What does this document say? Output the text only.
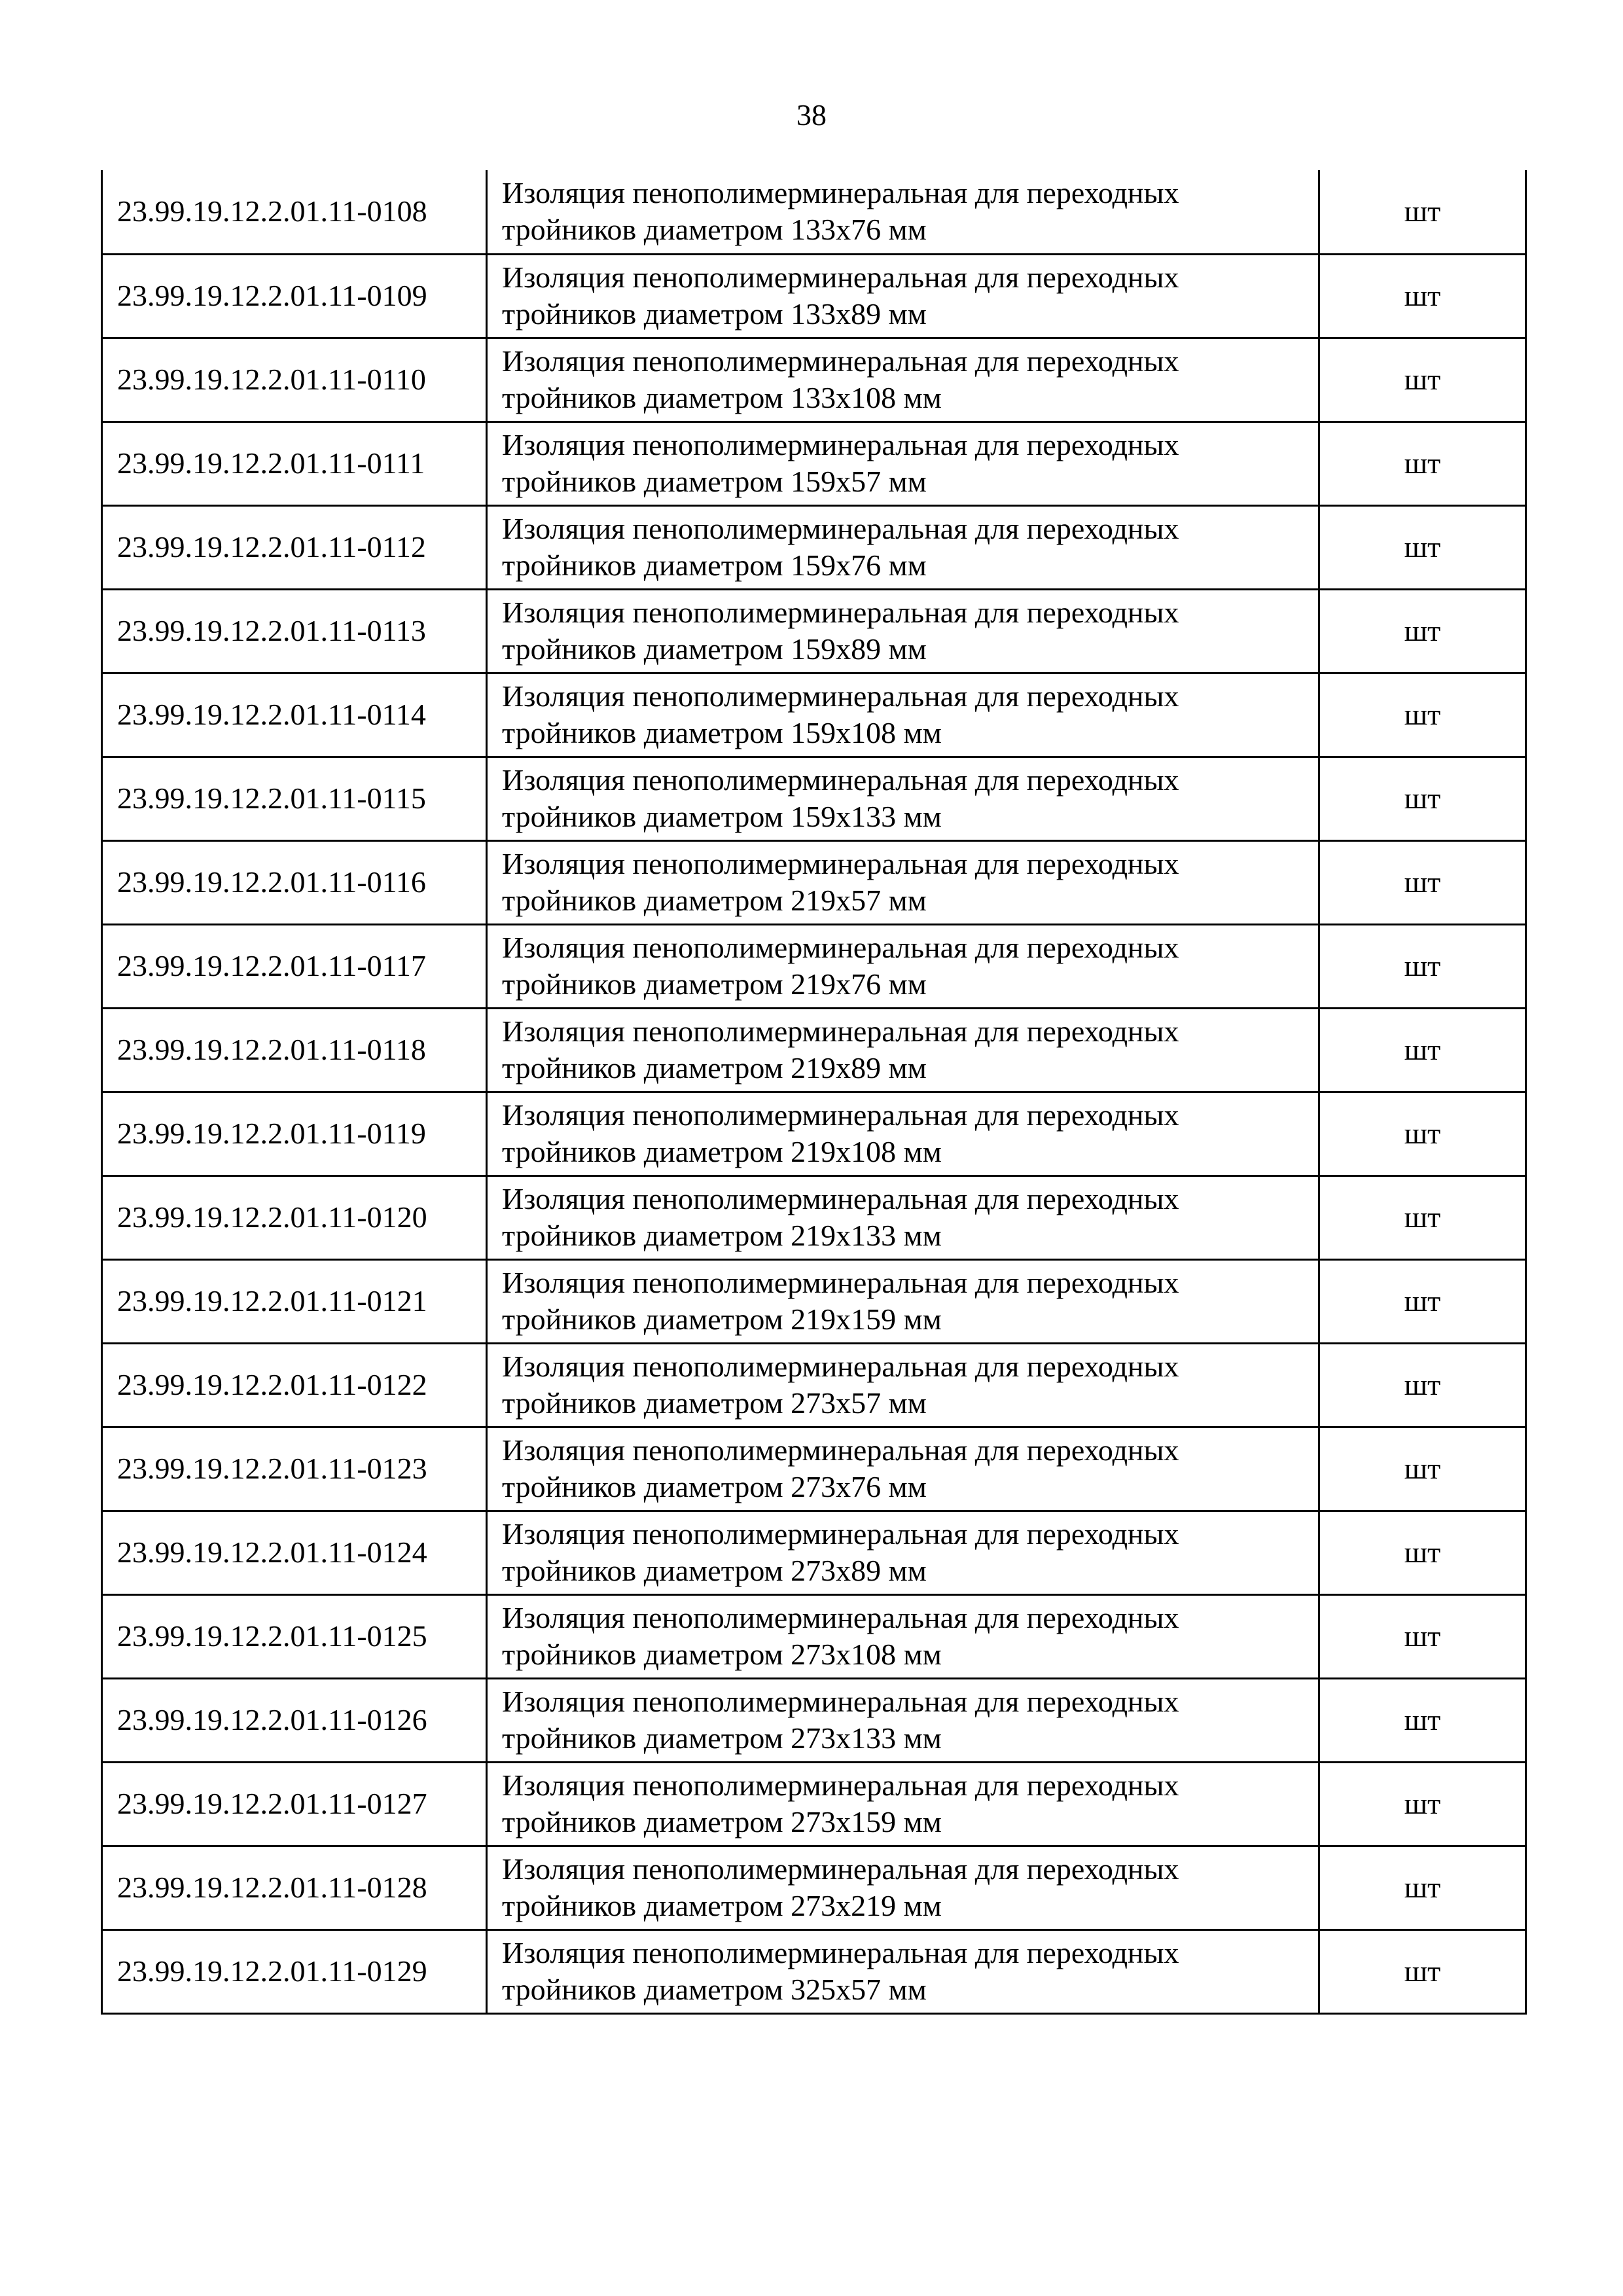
38
23.99.19.12.2.01.11-0108	Изоляция пенополимерминеральная для переходных
тройников диаметром 133x76 мм	шт
23.99.19.12.2.01.11-0109	Изоляция пенополимерминеральная для переходных
тройников диаметром 133x89 мм	шт
23.99.19.12.2.01.11-0110	Изоляция пенополимерминеральная для переходных
тройников диаметром 133x108 мм	шт
23.99.19.12.2.01.11-0111	Изоляция пенополимерминеральная для переходных
тройников диаметром 159x57 мм	шт
23.99.19.12.2.01.11-0112	Изоляция пенополимерминеральная для переходных
тройников диаметром 159x76 мм	шт
23.99.19.12.2.01.11-0113	Изоляция пенополимерминеральная для переходных
тройников диаметром 159x89 мм	шт
23.99.19.12.2.01.11-0114	Изоляция пенополимерминеральная для переходных
тройников диаметром 159x108 мм	шт
23.99.19.12.2.01.11-0115	Изоляция пенополимерминеральная для переходных
тройников диаметром 159x133 мм	шт
23.99.19.12.2.01.11-0116	Изоляция пенополимерминеральная для переходных
тройников диаметром 219x57 мм	шт
23.99.19.12.2.01.11-0117	Изоляция пенополимерминеральная для переходных
тройников диаметром 219x76 мм	шт
23.99.19.12.2.01.11-0118	Изоляция пенополимерминеральная для переходных
тройников диаметром 219x89 мм	шт
23.99.19.12.2.01.11-0119	Изоляция пенополимерминеральная для переходных
тройников диаметром 219x108 мм	шт
23.99.19.12.2.01.11-0120	Изоляция пенополимерминеральная для переходных
тройников диаметром 219x133 мм	шт
23.99.19.12.2.01.11-0121	Изоляция пенополимерминеральная для переходных
тройников диаметром 219x159 мм	шт
23.99.19.12.2.01.11-0122	Изоляция пенополимерминеральная для переходных
тройников диаметром 273x57 мм	шт
23.99.19.12.2.01.11-0123	Изоляция пенополимерминеральная для переходных
тройников диаметром 273x76 мм	шт
23.99.19.12.2.01.11-0124	Изоляция пенополимерминеральная для переходных
тройников диаметром 273x89 мм	шт
23.99.19.12.2.01.11-0125	Изоляция пенополимерминеральная для переходных
тройников диаметром 273x108 мм	шт
23.99.19.12.2.01.11-0126	Изоляция пенополимерминеральная для переходных
тройников диаметром 273x133 мм	шт
23.99.19.12.2.01.11-0127	Изоляция пенополимерминеральная для переходных
тройников диаметром 273x159 мм	шт
23.99.19.12.2.01.11-0128	Изоляция пенополимерминеральная для переходных
тройников диаметром 273x219 мм	шт
23.99.19.12.2.01.11-0129	Изоляция пенополимерминеральная для переходных
тройников диаметром 325x57 мм	шт
